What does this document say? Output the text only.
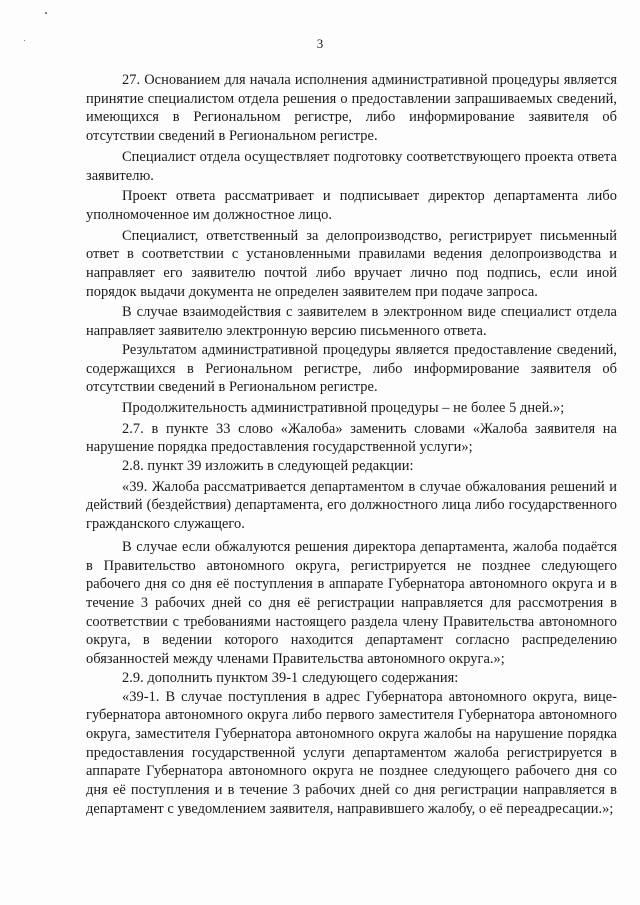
3

27. Основанием для начала исполнения административной процедуры является принятие специалистом отдела решения о предоставлении запрашиваемых сведений, имеющихся в Региональном регистре, либо информирование заявителя об отсутствии сведений в Региональном регистре.

Специалист отдела осуществляет подготовку соответствующего проекта ответа заявителю.

Проект ответа рассматривает и подписывает директор департамента либо уполномоченное им должностное лицо.

Специалист, ответственный за делопроизводство, регистрирует письменный ответ в соответствии с установленными правилами ведения делопроизводства и направляет его заявителю почтой либо вручает лично под подпись, если иной порядок выдачи документа не определен заявителем при подаче запроса.

В случае взаимодействия с заявителем в электронном виде специалист отдела направляет заявителю электронную версию письменного ответа.

Результатом административной процедуры является предоставление сведений, содержащихся в Региональном регистре, либо информирование заявителя об отсутствии сведений в Региональном регистре.

Продолжительность административной процедуры – не более 5 дней.»;

2.7. в пункте 33 слово «Жалоба» заменить словами «Жалоба заявителя на нарушение порядка предоставления государственной услуги»;

2.8. пункт 39 изложить в следующей редакции:

«39. Жалоба рассматривается департаментом в случае обжалования решений и действий (бездействия) департамента, его должностного лица либо государственного гражданского служащего.

В случае если обжалуются решения директора департамента, жалоба подаётся в Правительство автономного округа, регистрируется не позднее следующего рабочего дня со дня её поступления в аппарате Губернатора автономного округа и в течение 3 рабочих дней со дня её регистрации направляется для рассмотрения в соответствии с требованиями настоящего раздела члену Правительства автономного округа, в ведении которого находится департамент согласно распределению обязанностей между членами Правительства автономного округа.»;

2.9. дополнить пунктом 39-1 следующего содержания:

«39-1. В случае поступления в адрес Губернатора автономного округа, вице-губернатора автономного округа либо первого заместителя Губернатора автономного округа, заместителя Губернатора автономного округа жалобы на нарушение порядка предоставления государственной услуги департаментом жалоба регистрируется в аппарате Губернатора автономного округа не позднее следующего рабочего дня со дня её поступления и в течение 3 рабочих дней со дня регистрации направляется в департамент с уведомлением заявителя, направившего жалобу, о её переадресации.»;
